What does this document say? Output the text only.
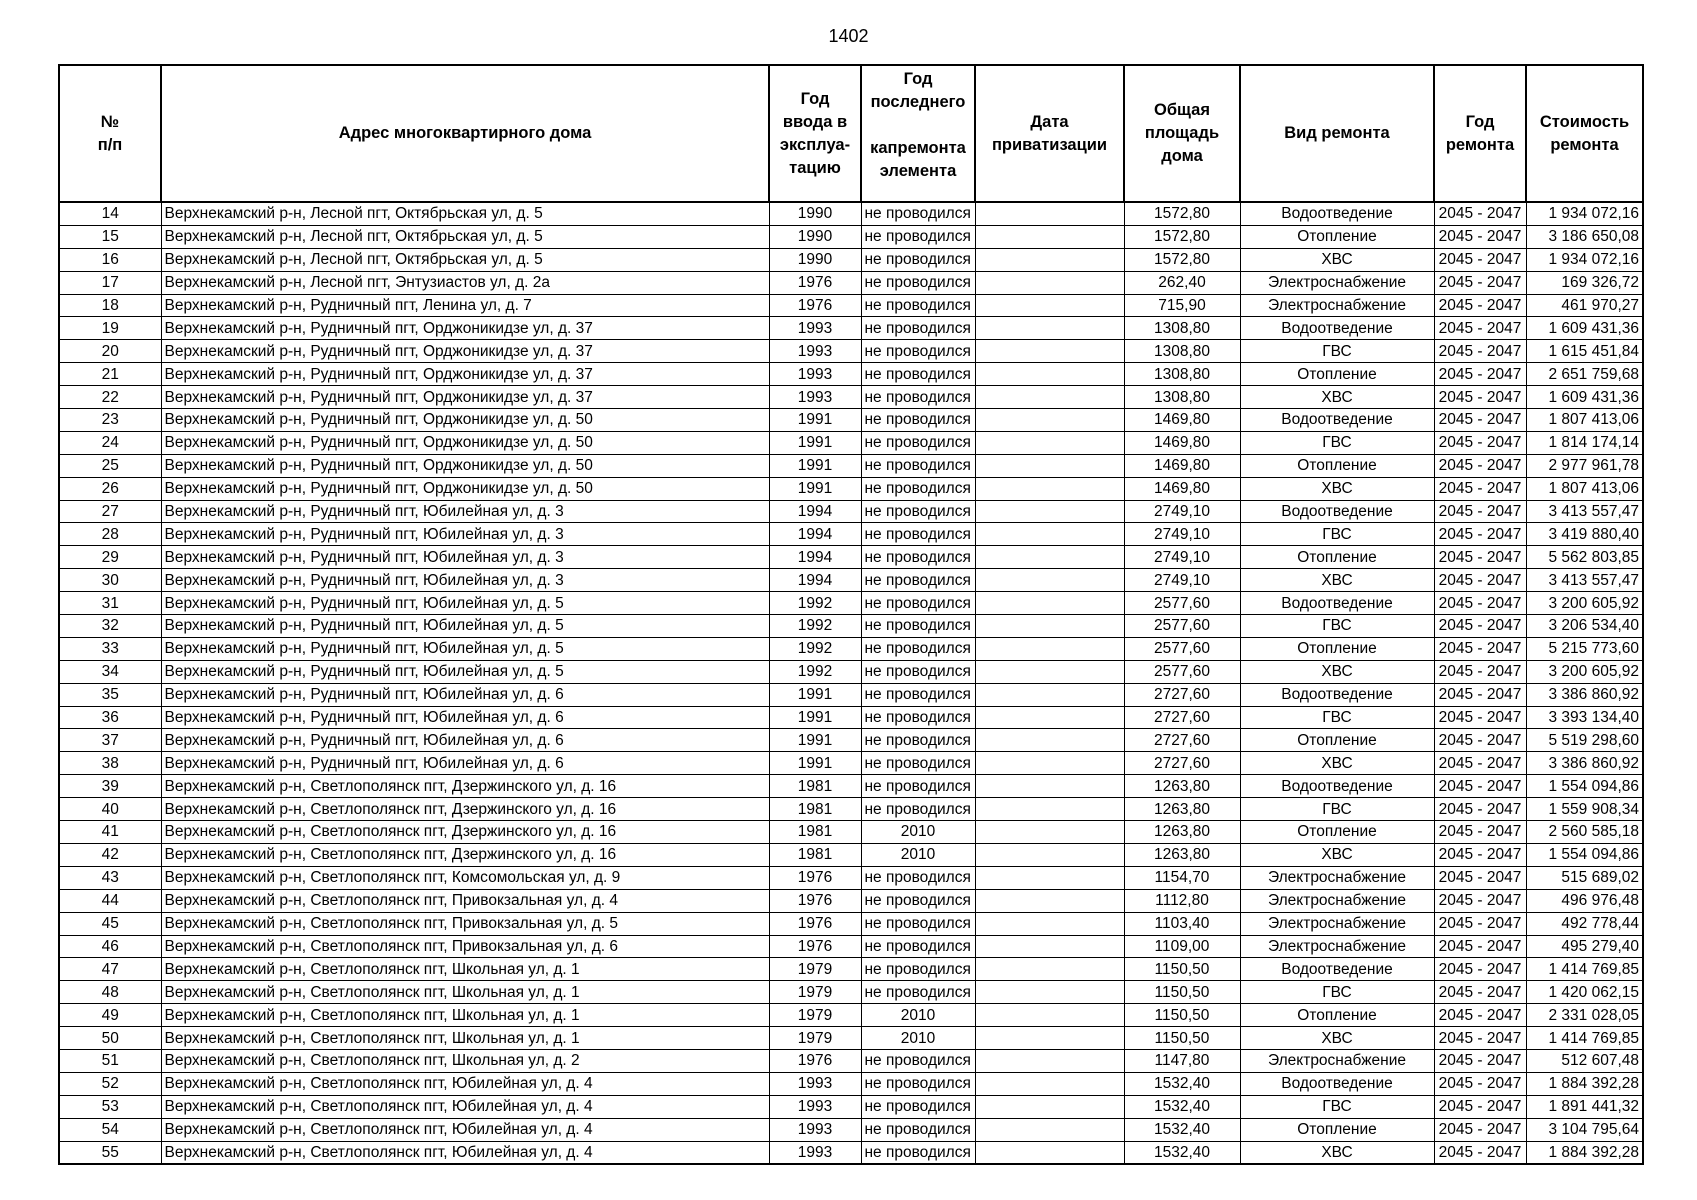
1402
№
п/п	Адрес многоквартирного дома	Год
ввода в
эксплуа-
тацию	Год
последнего

капремонта
элемента	Дата
приватизации	Общая
площадь
дома	Вид ремонта	Год
ремонта	Стоимость
ремонта
14	Верхнекамский р-н, Лесной пгт, Октябрьская ул, д. 5	1990	не проводился		1572,80	Водоотведение	2045 - 2047	1 934 072,16
15	Верхнекамский р-н, Лесной пгт, Октябрьская ул, д. 5	1990	не проводился		1572,80	Отопление	2045 - 2047	3 186 650,08
16	Верхнекамский р-н, Лесной пгт, Октябрьская ул, д. 5	1990	не проводился		1572,80	ХВС	2045 - 2047	1 934 072,16
17	Верхнекамский р-н, Лесной пгт, Энтузиастов ул, д. 2а	1976	не проводился		262,40	Электроснабжение	2045 - 2047	169 326,72
18	Верхнекамский р-н, Рудничный пгт, Ленина ул, д. 7	1976	не проводился		715,90	Электроснабжение	2045 - 2047	461 970,27
19	Верхнекамский р-н, Рудничный пгт, Орджоникидзе ул, д. 37	1993	не проводился		1308,80	Водоотведение	2045 - 2047	1 609 431,36
20	Верхнекамский р-н, Рудничный пгт, Орджоникидзе ул, д. 37	1993	не проводился		1308,80	ГВС	2045 - 2047	1 615 451,84
21	Верхнекамский р-н, Рудничный пгт, Орджоникидзе ул, д. 37	1993	не проводился		1308,80	Отопление	2045 - 2047	2 651 759,68
22	Верхнекамский р-н, Рудничный пгт, Орджоникидзе ул, д. 37	1993	не проводился		1308,80	ХВС	2045 - 2047	1 609 431,36
23	Верхнекамский р-н, Рудничный пгт, Орджоникидзе ул, д. 50	1991	не проводился		1469,80	Водоотведение	2045 - 2047	1 807 413,06
24	Верхнекамский р-н, Рудничный пгт, Орджоникидзе ул, д. 50	1991	не проводился		1469,80	ГВС	2045 - 2047	1 814 174,14
25	Верхнекамский р-н, Рудничный пгт, Орджоникидзе ул, д. 50	1991	не проводился		1469,80	Отопление	2045 - 2047	2 977 961,78
26	Верхнекамский р-н, Рудничный пгт, Орджоникидзе ул, д. 50	1991	не проводился		1469,80	ХВС	2045 - 2047	1 807 413,06
27	Верхнекамский р-н, Рудничный пгт, Юбилейная ул, д. 3	1994	не проводился		2749,10	Водоотведение	2045 - 2047	3 413 557,47
28	Верхнекамский р-н, Рудничный пгт, Юбилейная ул, д. 3	1994	не проводился		2749,10	ГВС	2045 - 2047	3 419 880,40
29	Верхнекамский р-н, Рудничный пгт, Юбилейная ул, д. 3	1994	не проводился		2749,10	Отопление	2045 - 2047	5 562 803,85
30	Верхнекамский р-н, Рудничный пгт, Юбилейная ул, д. 3	1994	не проводился		2749,10	ХВС	2045 - 2047	3 413 557,47
31	Верхнекамский р-н, Рудничный пгт, Юбилейная ул, д. 5	1992	не проводился		2577,60	Водоотведение	2045 - 2047	3 200 605,92
32	Верхнекамский р-н, Рудничный пгт, Юбилейная ул, д. 5	1992	не проводился		2577,60	ГВС	2045 - 2047	3 206 534,40
33	Верхнекамский р-н, Рудничный пгт, Юбилейная ул, д. 5	1992	не проводился		2577,60	Отопление	2045 - 2047	5 215 773,60
34	Верхнекамский р-н, Рудничный пгт, Юбилейная ул, д. 5	1992	не проводился		2577,60	ХВС	2045 - 2047	3 200 605,92
35	Верхнекамский р-н, Рудничный пгт, Юбилейная ул, д. 6	1991	не проводился		2727,60	Водоотведение	2045 - 2047	3 386 860,92
36	Верхнекамский р-н, Рудничный пгт, Юбилейная ул, д. 6	1991	не проводился		2727,60	ГВС	2045 - 2047	3 393 134,40
37	Верхнекамский р-н, Рудничный пгт, Юбилейная ул, д. 6	1991	не проводился		2727,60	Отопление	2045 - 2047	5 519 298,60
38	Верхнекамский р-н, Рудничный пгт, Юбилейная ул, д. 6	1991	не проводился		2727,60	ХВС	2045 - 2047	3 386 860,92
39	Верхнекамский р-н, Светлополянск пгт, Дзержинского ул, д. 16	1981	не проводился		1263,80	Водоотведение	2045 - 2047	1 554 094,86
40	Верхнекамский р-н, Светлополянск пгт, Дзержинского ул, д. 16	1981	не проводился		1263,80	ГВС	2045 - 2047	1 559 908,34
41	Верхнекамский р-н, Светлополянск пгт, Дзержинского ул, д. 16	1981	2010		1263,80	Отопление	2045 - 2047	2 560 585,18
42	Верхнекамский р-н, Светлополянск пгт, Дзержинского ул, д. 16	1981	2010		1263,80	ХВС	2045 - 2047	1 554 094,86
43	Верхнекамский р-н, Светлополянск пгт, Комсомольская ул, д. 9	1976	не проводился		1154,70	Электроснабжение	2045 - 2047	515 689,02
44	Верхнекамский р-н, Светлополянск пгт, Привокзальная ул, д. 4	1976	не проводился		1112,80	Электроснабжение	2045 - 2047	496 976,48
45	Верхнекамский р-н, Светлополянск пгт, Привокзальная ул, д. 5	1976	не проводился		1103,40	Электроснабжение	2045 - 2047	492 778,44
46	Верхнекамский р-н, Светлополянск пгт, Привокзальная ул, д. 6	1976	не проводился		1109,00	Электроснабжение	2045 - 2047	495 279,40
47	Верхнекамский р-н, Светлополянск пгт, Школьная ул, д. 1	1979	не проводился		1150,50	Водоотведение	2045 - 2047	1 414 769,85
48	Верхнекамский р-н, Светлополянск пгт, Школьная ул, д. 1	1979	не проводился		1150,50	ГВС	2045 - 2047	1 420 062,15
49	Верхнекамский р-н, Светлополянск пгт, Школьная ул, д. 1	1979	2010		1150,50	Отопление	2045 - 2047	2 331 028,05
50	Верхнекамский р-н, Светлополянск пгт, Школьная ул, д. 1	1979	2010		1150,50	ХВС	2045 - 2047	1 414 769,85
51	Верхнекамский р-н, Светлополянск пгт, Школьная ул, д. 2	1976	не проводился		1147,80	Электроснабжение	2045 - 2047	512 607,48
52	Верхнекамский р-н, Светлополянск пгт, Юбилейная ул, д. 4	1993	не проводился		1532,40	Водоотведение	2045 - 2047	1 884 392,28
53	Верхнекамский р-н, Светлополянск пгт, Юбилейная ул, д. 4	1993	не проводился		1532,40	ГВС	2045 - 2047	1 891 441,32
54	Верхнекамский р-н, Светлополянск пгт, Юбилейная ул, д. 4	1993	не проводился		1532,40	Отопление	2045 - 2047	3 104 795,64
55	Верхнекамский р-н, Светлополянск пгт, Юбилейная ул, д. 4	1993	не проводился		1532,40	ХВС	2045 - 2047	1 884 392,28
